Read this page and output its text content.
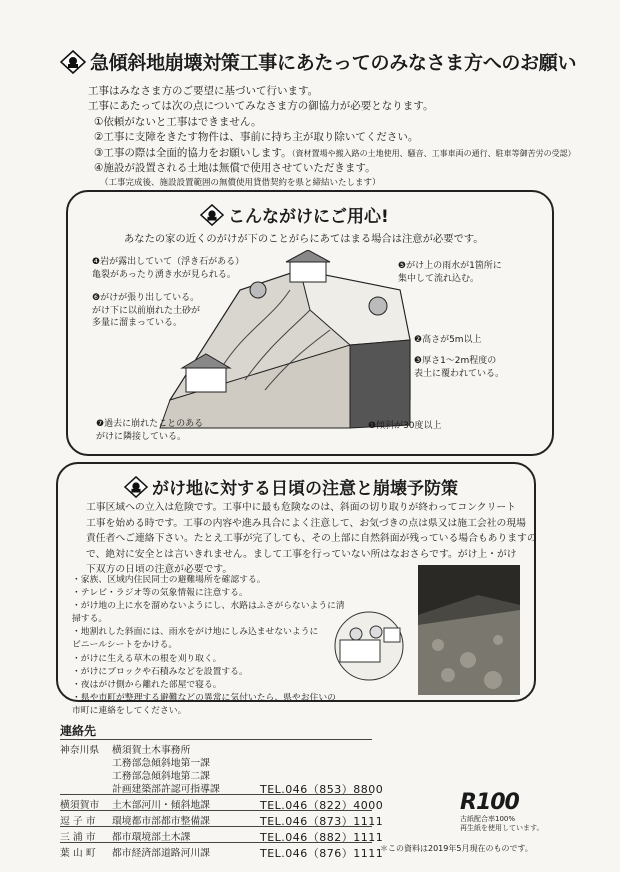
急傾斜地崩壊対策工事にあたってのみなさま方へのお願い
工事はみなさま方のご要望に基づいて行います。
工事にあたっては次の点についてみなさま方の御協力が必要となります。
①依頼がないと工事はできません。
②工事に支障をきたす物件は、事前に持ち主が取り除いてください。
③工事の際は全面的協力をお願いします。（資材置場や搬入路の土地使用、騒音、工事車両の通行、駐車等御苦労の受認）
④施設が設置される土地は無償で使用させていただきます。
（工事完成後、施設設置範囲の無償使用貸借契約を県と締結いたします）
こんながけにご用心!
あなたの家の近くのがけが下のことがらにあてはまる場合は注意が必要です。
❹岩が露出していて（浮き石がある）
亀裂があったり湧き水が見られる。
❻がけが張り出している。
がけ下に以前崩れた土砂が
多量に溜まっている。
❼過去に崩れたことのある
がけに隣接している。
❺がけ上の雨水が1箇所に
集中して流れ込む。
❷高さが5m以上
❸厚さ1～2m程度の
表土に覆われている。
❶傾斜が30度以上
がけ地に対する日頃の注意と崩壊予防策
工事区域への立入は危険です。工事中に最も危険なのは、斜面の切り取りが終わってコンクリート
工事を始める時です。工事の内容や進み具合によく注意して、お気づきの点は県又は施工会社の現場
責任者へご連絡下さい。たとえ工事が完了しても、その上部に自然斜面が残っている場合もありますの
で、絶対に安全とは言いきれません。まして工事を行っていない所はなおさらです。がけ上・がけ
下双方の日頃の注意が必要です。
・家族、区域内住民同士の避難場所を確認する。
・テレビ・ラジオ等の気象情報に注意する。
・がけ地の上に水を溜めないようにし、水路はふさがらないように清掃する。
・地割れした斜面には、雨水をがけ地にしみ込ませないように
ビニールシートをかける。
・がけに生える草木の根を刈り取く。
・がけにブロックや石積みなどを設置する。
・夜はがけ側から離れた部屋で寝る。
・県や市町が整理する避難などの異常に気付いたら、県やお住いの
市町に連絡をしてください。
連絡先
神奈川県	横須賀土木事務所
工務部急傾斜地第一課
工務部急傾斜地第二課
計画建築部許認可指導課	TEL.046（853）8800
横須賀市	土木部河川・傾斜地課	TEL.046（822）4000
逗 子 市	環境都市部都市整備課	TEL.046（873）1111
三 浦 市	都市環境部土木課	TEL.046（882）1111
葉 山 町	都市経済部道路河川課	TEL.046（876）1111
R100
古紙配合率100%
再生紙を使用しています。
＊この資料は2019年5月現在のものです。
